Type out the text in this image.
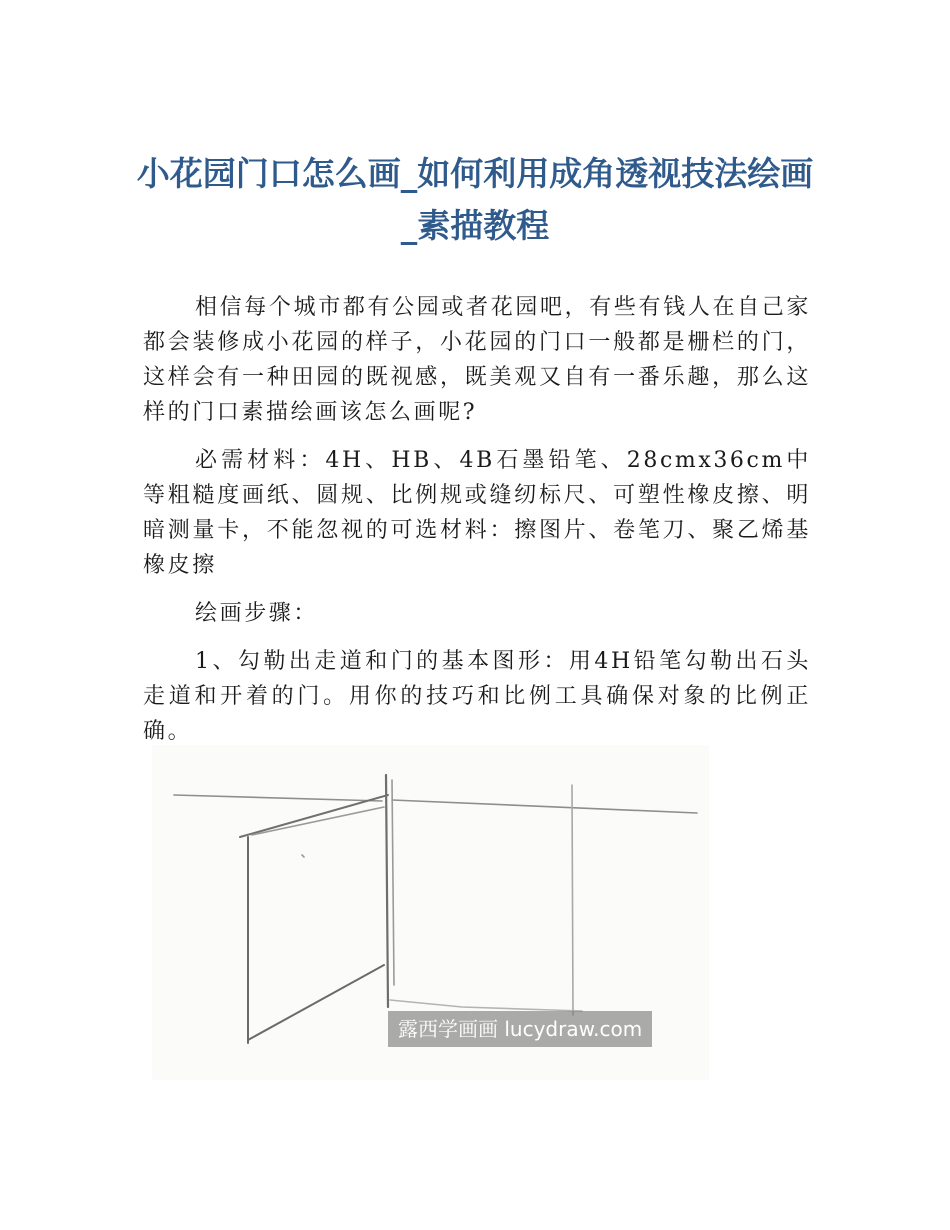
小花园门口怎么画_如何利用成角透视技法绘画_素描教程

相信每个城市都有公园或者花园吧，有些有钱人在自己家都会装修成小花园的样子，小花园的门口一般都是栅栏的门，这样会有一种田园的既视感，既美观又自有一番乐趣，那么这样的门口素描绘画该怎么画呢?

必需材料：4H、HB、4B石墨铅笔、28cmx36cm中等粗糙度画纸、圆规、比例规或缝纫标尺、可塑性橡皮擦、明暗测量卡，不能忽视的可选材料：擦图片、卷笔刀、聚乙烯基橡皮擦

绘画步骤：

1、勾勒出走道和门的基本图形：用4H铅笔勾勒出石头走道和开着的门。用你的技巧和比例工具确保对象的比例正确。

露西学画画 lucydraw.com
